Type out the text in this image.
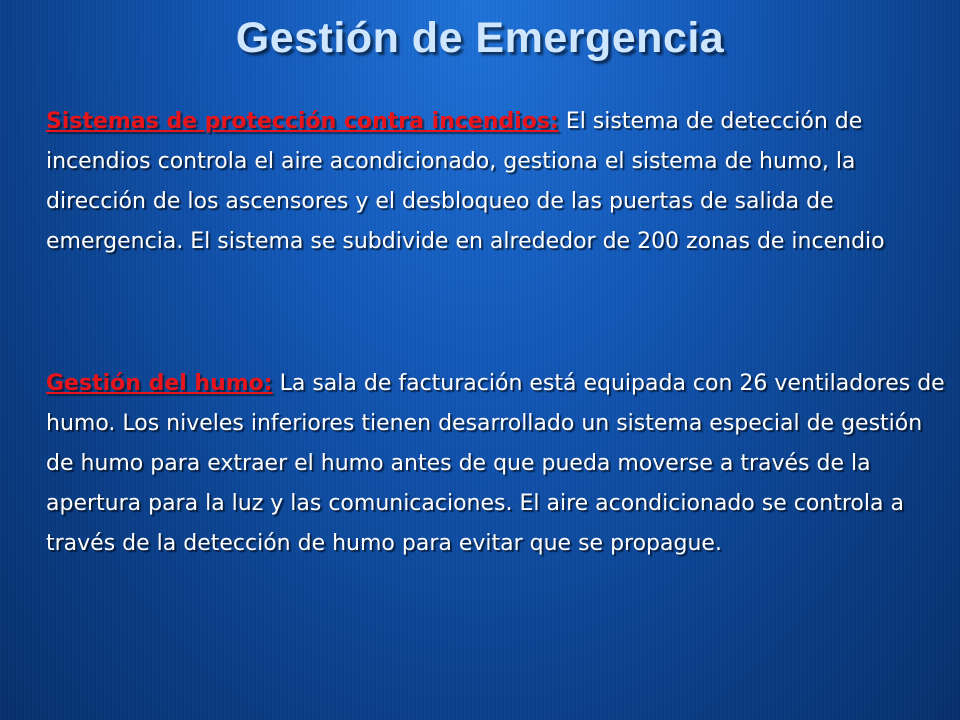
Gestión de Emergencia

Sistemas de protección contra incendios: El sistema de detección de incendios controla el aire acondicionado, gestiona el sistema de humo, la dirección de los ascensores y el desbloqueo de las puertas de salida de emergencia. El sistema se subdivide en alrededor de 200 zonas de incendio

Gestión del humo: La sala de facturación está equipada con 26 ventiladores de humo. Los niveles inferiores tienen desarrollado un sistema especial de gestión de humo para extraer el humo antes de que pueda moverse a través de la apertura para la luz y las comunicaciones. El aire acondicionado se controla a través de la detección de humo para evitar que se propague.
